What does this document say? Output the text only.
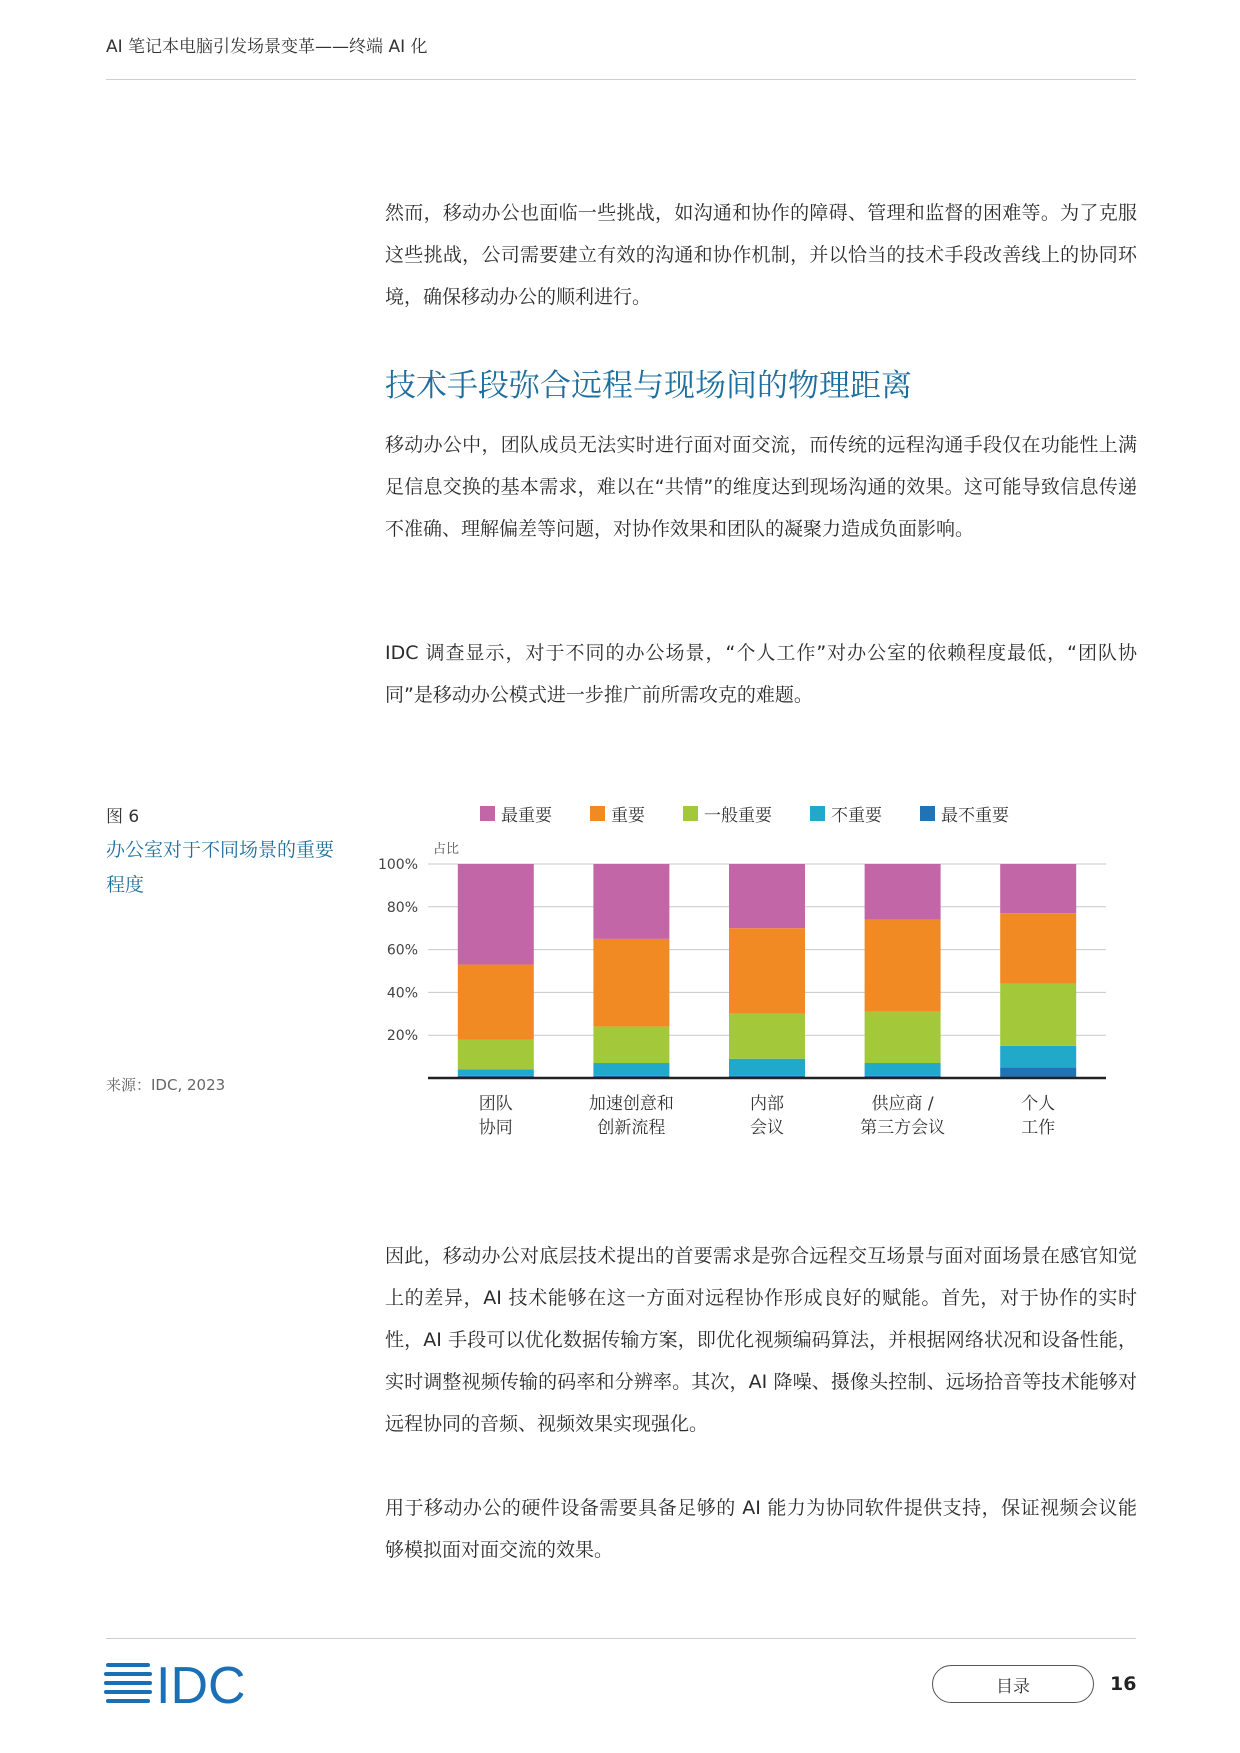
AI 笔记本电脑引发场景变革——终端 AI 化

然而，移动办公也面临一些挑战，如沟通和协作的障碍、管理和监督的困难等。为了克服这些挑战，公司需要建立有效的沟通和协作机制，并以恰当的技术手段改善线上的协同环境，确保移动办公的顺利进行。

技术手段弥合远程与现场间的物理距离

移动办公中，团队成员无法实时进行面对面交流，而传统的远程沟通手段仅在功能性上满足信息交换的基本需求，难以在“共情”的维度达到现场沟通的效果。这可能导致信息传递不准确、理解偏差等问题，对协作效果和团队的凝聚力造成负面影响。

IDC 调查显示，对于不同的办公场景，“个人工作”对办公室的依赖程度最低，“团队协同”是移动办公模式进一步推广前所需攻克的难题。

图 6
办公室对于不同场景的重要程度
来源：IDC, 2023
最重要	重要	一般重要	不重要	最不重要
占比
100%
80%
60%
40%
20%
团队
协同
加速创意和
创新流程
内部
会议
供应商 /
第三方会议
个人
工作

因此，移动办公对底层技术提出的首要需求是弥合远程交互场景与面对面场景在感官知觉上的差异，AI 技术能够在这一方面对远程协作形成良好的赋能。首先，对于协作的实时性，AI 手段可以优化数据传输方案，即优化视频编码算法，并根据网络状况和设备性能，实时调整视频传输的码率和分辨率。其次，AI 降噪、摄像头控制、远场拾音等技术能够对远程协同的音频、视频效果实现强化。

用于移动办公的硬件设备需要具备足够的 AI 能力为协同软件提供支持，保证视频会议能够模拟面对面交流的效果。

IDC	目录	16
